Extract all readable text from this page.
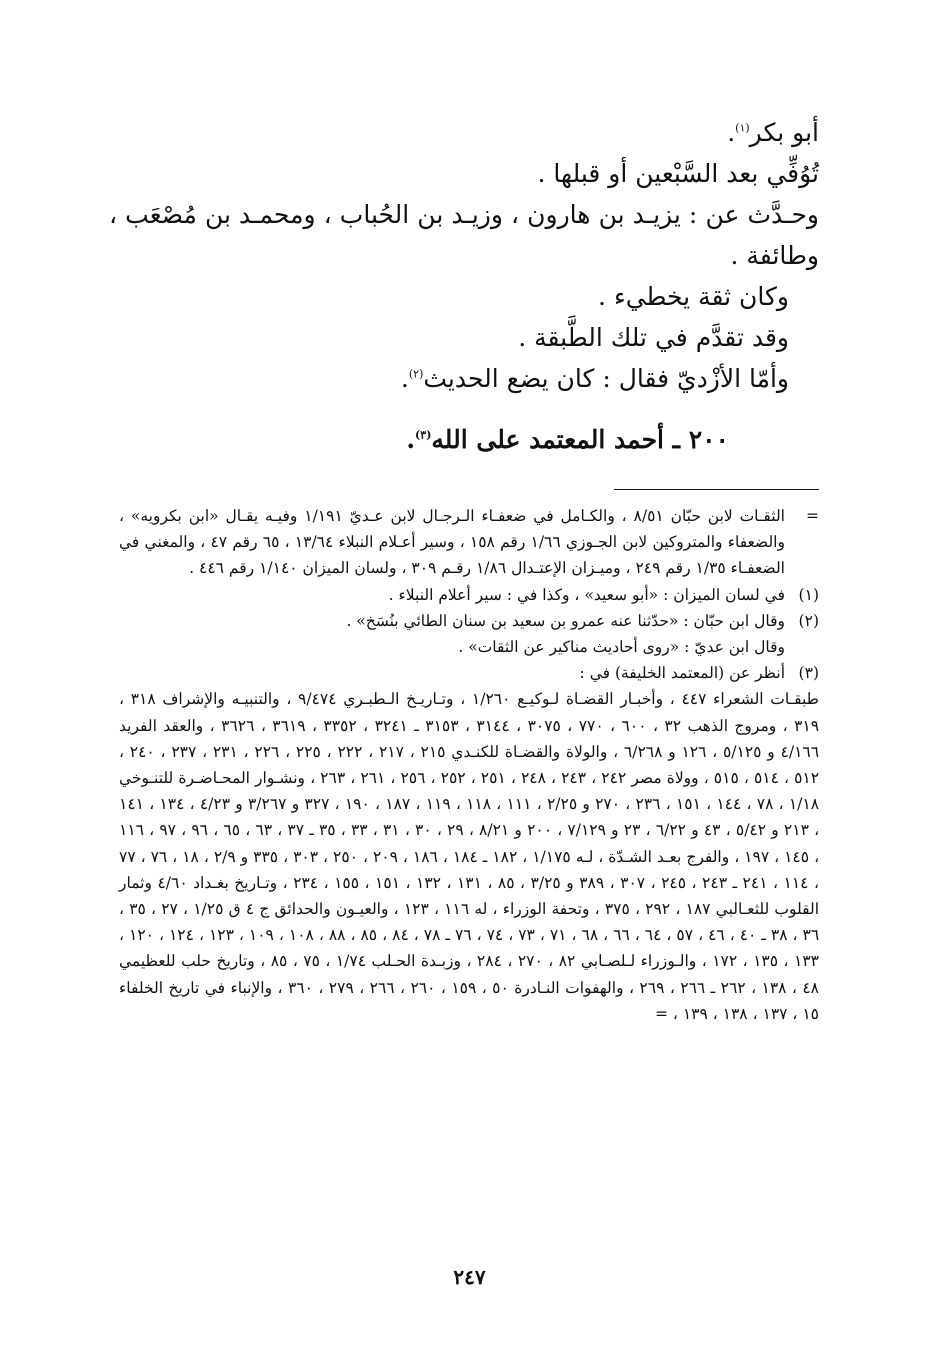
أبو بكر$^{(١)}$.

تُوُفِّي بعد السَّبْعين أو قبلها .

وحـدَّث عن : يزيـد بن هارون ، وزيـد بن الحُباب ، ومحمـد بن مُصْعَب ، وطائفة .

وكان ثقة يخطيء .

وقد تقدَّم في تلك الطَّبقة .

وأمّا الأزْديّ فقال : كان يضع الحديث$^{(٢)}$.

٢٠٠ ـ أحمد المعتمد على الله$^{(٣)}$.
=

الثقـات لابن حبّان ٨/٥١ ، والكـامل في ضعفـاء الـرجـال لابن عـديّ ١/١٩١ وفيـه يقـال «ابن بكرويه» ، والضعفاء والمتروكين لابن الجـوزي ١/٦٦ رقم ١٥٨ ، وسير أعـلام النبلاء ١٣/٦٤ ، ٦٥ رقم ٤٧ ، والمغني في الضعفـاء ١/٣٥ رقم ٢٤٩ ، وميـزان الإعتـدال ١/٨٦ رقـم ٣٠٩ ، ولسان الميزان ١/١٤٠ رقم ٤٤٦ .

(١)

في لسان الميزان : «أبو سعيد» ، وكذا في : سير أعلام النبلاء .

(٢)

وقال ابن حبّان : «حدّثنا عنه عمرو بن سعيد بن سنان الطائي بنُسَخ» .

وقال ابن عديّ : «روى أحاديث مناكير عن الثقات» .

(٣)

أنظر عن (المعتمد الخليفة) في :

طبقـات الشعراء ٤٤٧ ، وأخبـار القضـاة لـوكيـع ١/٢٦٠ ، وتـاريـخ الـطبـري ٩/٤٧٤ ، والتنبيـه والإشراف ٣١٨ ، ٣١٩ ، ومروج الذهب ٣٢ ، ٦٠٠ ، ٧٧٠ ، ٣٠٧٥ ، ٣١٤٤ ، ٣١٥٣ ـ ٣٢٤١ ، ٣٣٥٢ ، ٣٦١٩ ، ٣٦٢٦ ، والعقد الفريد ٤/١٦٦ و ٥/١٢٥ ، ١٢٦ و ٦/٢٦٨ ، والولاة والقضـاة للكنـدي ٢١٥ ، ٢١٧ ، ٢٢٢ ، ٢٢٥ ، ٢٢٦ ، ٢٣١ ، ٢٣٧ ، ٢٤٠ ، ٥١٢ ، ٥١٤ ، ٥١٥ ، وولاة مصر ٢٤٢ ، ٢٤٣ ، ٢٤٨ ، ٢٥١ ، ٢٥٢ ، ٢٥٦ ، ٢٦١ ، ٢٦٣ ، ونشـوار المحـاضـرة للتنـوخي ١/١٨ ، ٧٨ ، ١٤٤ ، ١٥١ ، ٢٣٦ ، ٢٧٠ و ٢/٢٥ ، ١١١ ، ١١٨ ، ١١٩ ، ١٨٧ ، ١٩٠ ، ٣٢٧ و ٣/٢٦٧ و ٤/٢٣ ، ١٣٤ ، ١٤١ ، ٢١٣ و ٥/٤٢ ، ٤٣ و ٦/٢٢ ، ٢٣ و ٧/١٢٩ ، ٢٠٠ و ٨/٢١ ، ٢٩ ، ٣٠ ، ٣١ ، ٣٣ ، ٣٥ ـ ٣٧ ، ٦٣ ، ٦٥ ، ٩٦ ، ٩٧ ، ١١٦ ، ١٤٥ ، ١٩٧ ، والفرج بعـد الشـدّة ، لـه ١/١٧٥ ، ١٨٢ ـ ١٨٤ ، ١٨٦ ، ٢٠٩ ، ٢٥٠ ، ٣٠٣ ، ٣٣٥ و ٢/٩ ، ١٨ ، ٧٦ ، ٧٧ ، ١١٤ ، ٢٤١ ـ ٢٤٣ ، ٢٤٥ ، ٣٠٧ ، ٣٨٩ و ٣/٢٥ ، ٨٥ ، ١٣١ ، ١٣٢ ، ١٥١ ، ١٥٥ ، ٢٣٤ ، وتـاريخ بغـداد ٤/٦٠ وثمار القلوب للثعـالبي ١٨٧ ، ٢٩٢ ، ٣٧٥ ، وتحفة الوزراء ، له ١١٦ ، ١٢٣ ، والعيـون والحدائق ج ٤ ق ١/٢٥ ، ٢٧ ، ٣٥ ، ٣٦ ، ٣٨ ـ ٤٠ ، ٤٦ ، ٥٧ ، ٦٤ ، ٦٦ ، ٦٨ ، ٧١ ، ٧٣ ، ٧٤ ، ٧٦ ـ ٧٨ ، ٨٤ ، ٨٥ ، ٨٨ ، ١٠٨ ، ١٠٩ ، ١٢٣ ، ١٢٤ ، ١٢٠ ، ١٣٣ ، ١٣٥ ، ١٧٢ ، والـوزراء لـلصـابي ٨٢ ، ٢٧٠ ، ٢٨٤ ، وزبـدة الحـلب ١/٧٤ ، ٧٥ ، ٨٥ ، وتاريخ حلب للعظيمي ٤٨ ، ١٣٨ ، ٢٦٢ ـ ٢٦٦ ، ٢٦٩ ، والهفوات النـادرة ٥٠ ، ١٥٩ ، ٢٦٠ ، ٢٦٦ ، ٢٧٩ ، ٣٦٠ ، والإنباء في تاريخ الخلفاء ١٥ ، ١٣٧ ، ١٣٨ ، ١٣٩ ، =

٢٤٧
